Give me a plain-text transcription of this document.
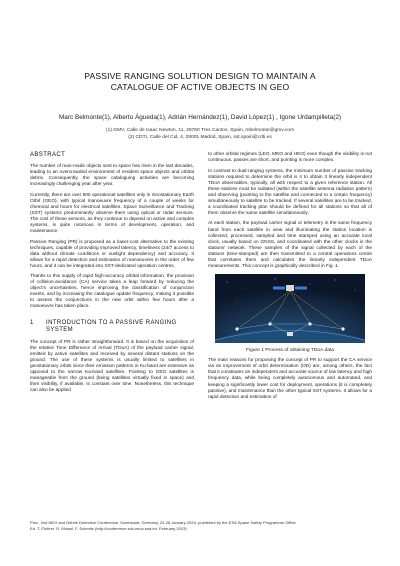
PASSIVE RANGING SOLUTION DESIGN TO MAINTAIN A
CATALOGUE OF ACTIVE OBJECTS IN GEO
Marc Belmonte(1), Alberto Águeda(1), Adrián Hernández(1), David López(1) , Igone Urdampilleta(2)
(1) GMV, Calle de Isaac Newton, 11, 28760 Tres Cantos, Spain, mbelmonte@gmv.com
(2) CDTI, Calle del Cid, 4, 28001 Madrid, Spain, sst.spain@cdti.es
ABSTRACT

The number of man-made objects sent to space has risen in the last decades, leading to an overcrowded environment of resident space objects and orbital debris. Consequently, the space cataloguing activities are becoming increasingly challenging year after year.

Currently, there are over 500 operational satellites only in Geostationary Earth Orbit (GEO), with typical manoeuvre frequency of a couple of weeks for chemical and hours for electrical satellites. Space Surveillance and Tracking (SST) systems predominantly observe them using optical or radar sensors. The cost of these sensors, as they continue to depend on active and complex systems, is quite notorious in terms of development, operation, and maintenance.

Passive Ranging (PR) is proposed as a lower-cost alternative to the existing techniques, capable of providing improved latency, timeliness (24/7 access to data without climate conditions or sunlight dependency) and accuracy. It allows for a rapid detection and estimation of manoeuvres in the order of few hours, and it can be integrated into SST-dedicated operation centres.

Thanks to this supply of rapid high-accuracy orbital information, the provision of collision-avoidance (CA) service takes a leap forward by reducing the object's uncertainties, hence improving the classification of conjunction events, and by increasing the catalogue update frequency, making it possible to assess the conjunctions in the new orbit within few hours after a manoeuvre has taken place.

1	INTRODUCTION TO A PASSIVE RANGING SYSTEM

The concept of PR is rather straightforward. It is based on the acquisition of the relative Time Difference of Arrival (TDoA) of the payload carrier signal, emitted by active satellites and received by several distant stations on the ground. The use of these systems is usually limited to satellites in geostationary orbits since their emission patterns in Ku-band are extensive as opposed to the narrow Ka-band satellites. Pointing to GEO satellites is manageable from the ground (being satellites virtually fixed in space) and their visibility, if available, is constant over time. Nonetheless, this technique can also be applied

to other orbital regimes (LEO, MEO and HEO) even though the visibility is not continuous, passes are short, and pointing is more complex.

In contrast to dual-ranging systems, the minimum number of passive tracking stations required to determine the orbit is 4 to obtain 3 linearly independent TDoA observables, typically, all with respect to a given reference station. All these stations must be radiated (within the satellite antenna radiation pattern) and observing (pointing to the satellite and connected to a certain frequency) simultaneously to satellite to be tracked. If several satellites are to be tracked, a coordinated tracking plan should be defined for all stations so that all of them observe the same satellite simultaneously.

At each station, the payload carrier signal or telemetry in the same frequency band from each satellite in view and illuminating the station location is collected, processed, sampled and time stamped using an accurate local clock, usually based on GNSS, and coordinated with the other clocks in the stations' network. These samples of the signal collected by each of the stations (time-stamped) are then transmitted to a central operations centre that correlates them and calculates the linearly independent TDoA measurements. This concept is graphically described in Fig. 1.

Figure 1 Process of obtaining TDoA data

The main reasons for proposing the concept of PR to support the CA service via an improvement of orbit determination (OD) are, among others, the fact that it constitutes an independent and accurate source of low latency and high frequency data, while being completely autonomous and automated, and keeping a significantly lower cost for deployment, operations (it is completely passive), and maintenance than the other typical SST systems. It allows for a rapid detection and estimation of

Proc. 2nd NEO and Debris Detection Conference, Darmstadt, Germany, 24-26 January 2023, published by the ESA Space Safety Programme Office
Ed. T. Flohrer, R. Moissl, F. Schmitz (http://conference.sdo.esoc.esa.int, February 2023)
